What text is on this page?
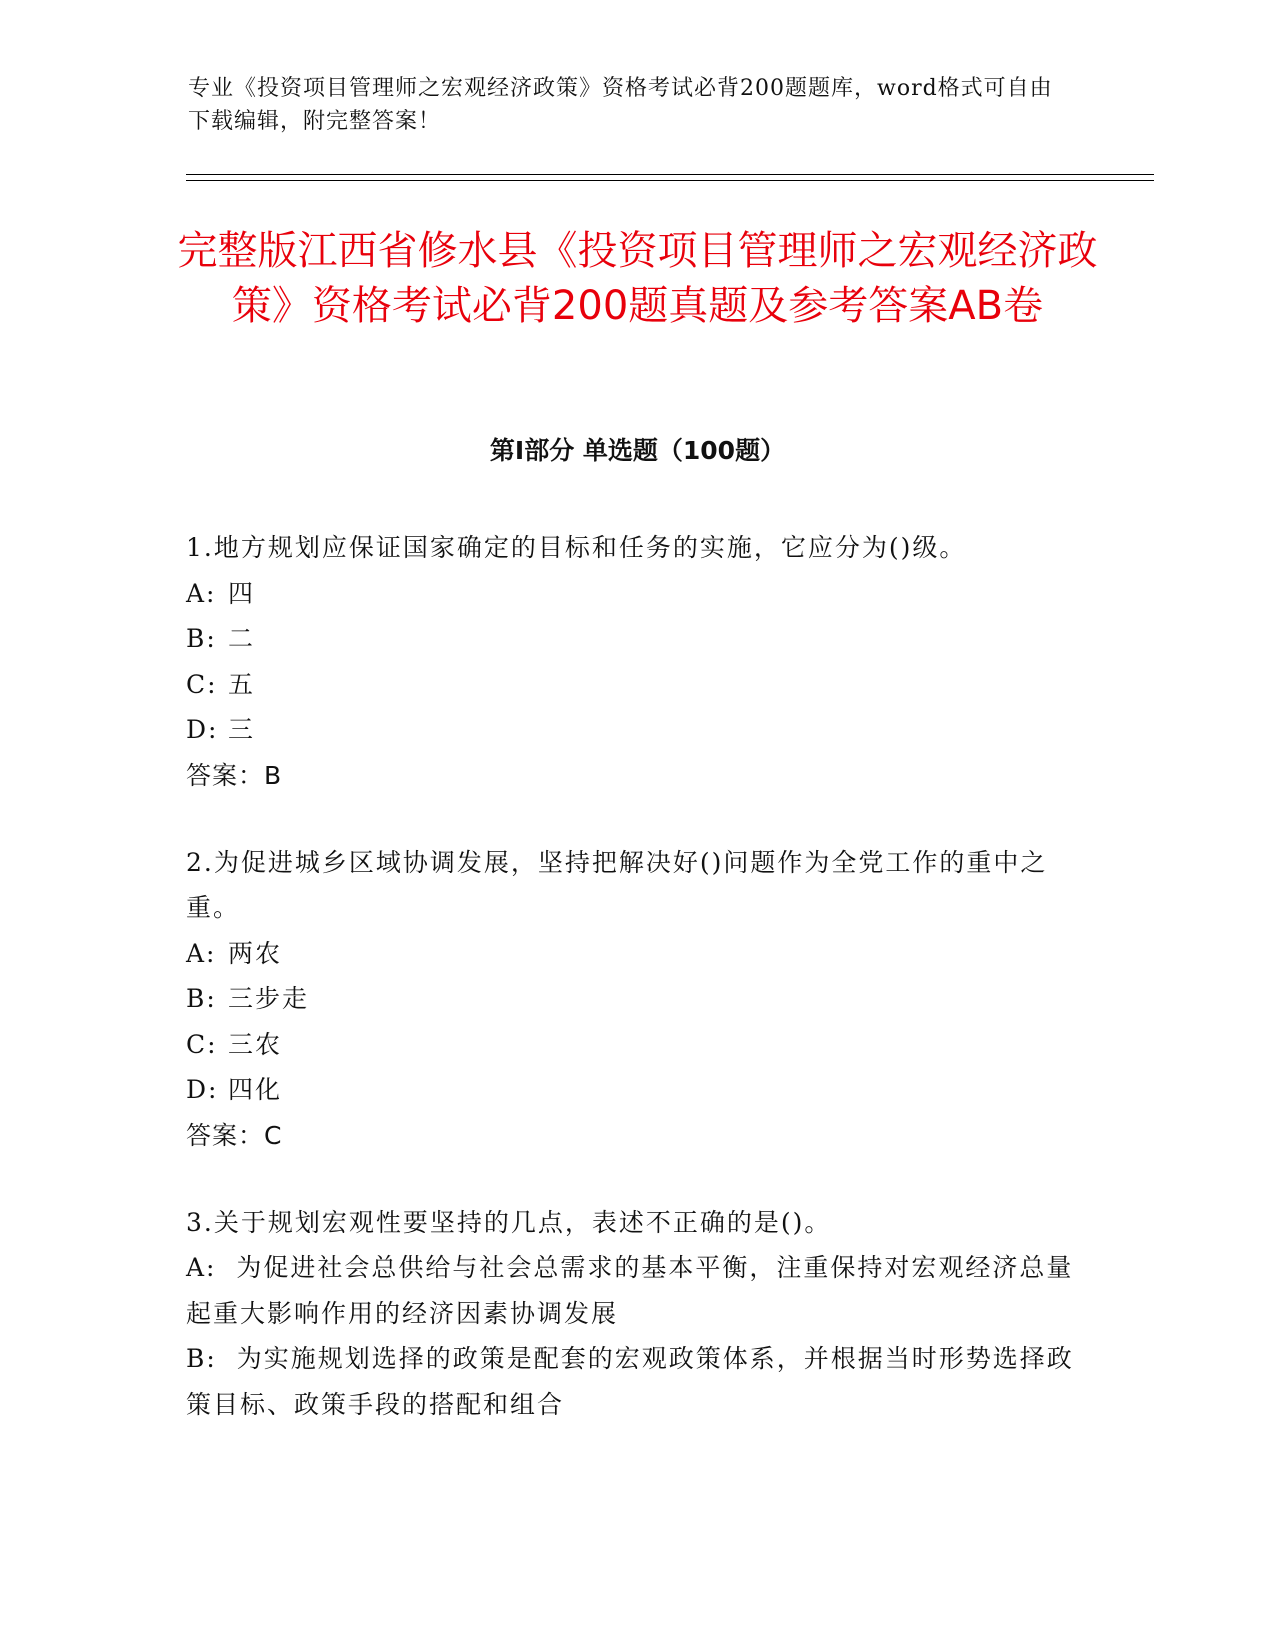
专业《投资项目管理师之宏观经济政策》资格考试必背200题题库，word格式可自由下载编辑，附完整答案！
完整版江西省修水县《投资项目管理师之宏观经济政策》资格考试必背200题真题及参考答案AB卷
第I部分 单选题（100题）
1.地方规划应保证国家确定的目标和任务的实施，它应分为()级。
A: 四
B: 二
C: 五
D: 三
答案：B
2.为促进城乡区域协调发展，坚持把解决好()问题作为全党工作的重中之重。
A: 两农
B: 三步走
C: 三农
D: 四化
答案：C
3.关于规划宏观性要坚持的几点，表述不正确的是()。
A: 为促进社会总供给与社会总需求的基本平衡，注重保持对宏观经济总量起重大影响作用的经济因素协调发展
B: 为实施规划选择的政策是配套的宏观政策体系，并根据当时形势选择政策目标、政策手段的搭配和组合
